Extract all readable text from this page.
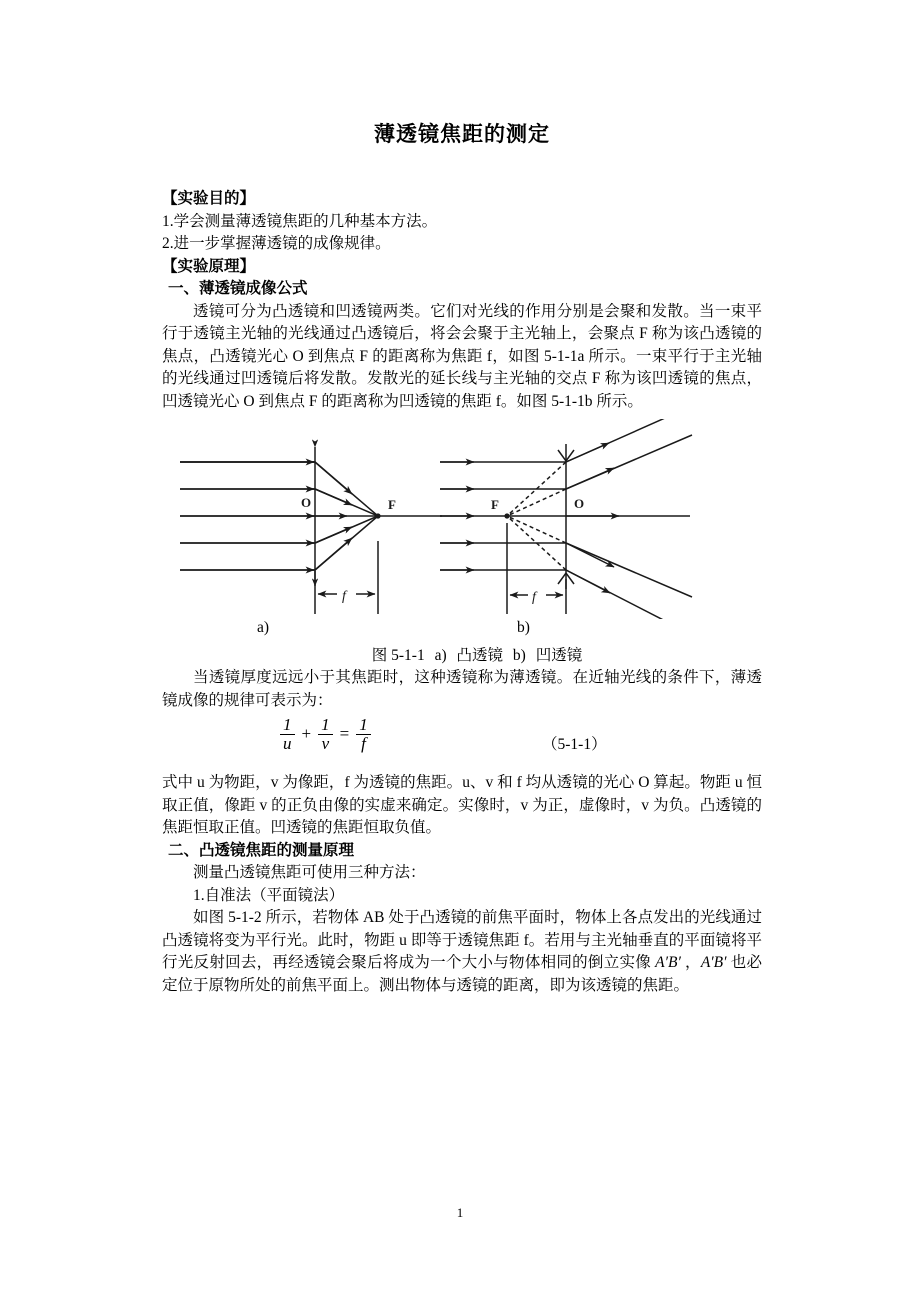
薄透镜焦距的测定
【实验目的】
1.学会测量薄透镜焦距的几种基本方法。
2.进一步掌握薄透镜的成像规律。
【实验原理】
一、薄透镜成像公式

透镜可分为凸透镜和凹透镜两类。它们对光线的作用分别是会聚和发散。当一束平行于透镜主光轴的光线通过凸透镜后，将会会聚于主光轴上，会聚点 F 称为该凸透镜的焦点，凸透镜光心 O 到焦点 F 的距离称为焦距 f，如图 5-1-1a 所示。一束平行于主光轴的光线通过凹透镜后将发散。发散光的延长线与主光轴的交点 F 称为该凹透镜的焦点，凹透镜光心 O 到焦点 F 的距离称为凹透镜的焦距 f。如图 5-1-1b 所示。

O	F
f
F	O
f
a)	b)
图 5-1-1 a) 凸透镜 b) 凹透镜

当透镜厚度远远小于其焦距时，这种透镜称为薄透镜。在近轴光线的条件下，薄透镜成像的规律可表示为：

$\frac{1}{u} + \frac{1}{v} = \frac{1}{f}$	（5-1-1）

式中 u 为物距，v 为像距，f 为透镜的焦距。u、v 和 f 均从透镜的光心 O 算起。物距 u 恒取正值，像距 v 的正负由像的实虚来确定。实像时，v 为正，虚像时，v 为负。凸透镜的焦距恒取正值。凹透镜的焦距恒取负值。

二、凸透镜焦距的测量原理

测量凸透镜焦距可使用三种方法：

1.自准法（平面镜法）

如图 5-1-2 所示，若物体 AB 处于凸透镜的前焦平面时，物体上各点发出的光线通过凸透镜将变为平行光。此时，物距 u 即等于透镜焦距 f。若用与主光轴垂直的平面镜将平行光反射回去，再经透镜会聚后将成为一个大小与物体相同的倒立实像 A′B′ ，A′B′ 也必定位于原物所处的前焦平面上。测出物体与透镜的距离，即为该透镜的焦距。

1
